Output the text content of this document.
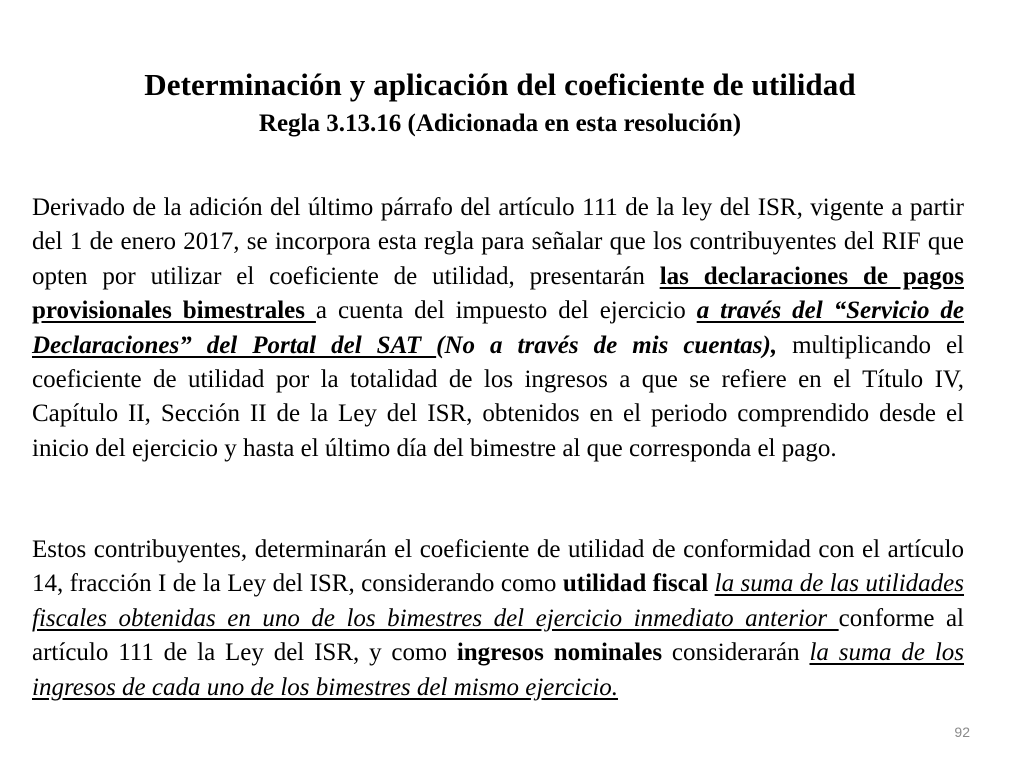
Determinación y aplicación del coeficiente de utilidad
Regla 3.13.16 (Adicionada en esta resolución)
Derivado de la adición del último párrafo del artículo 111 de la ley del ISR, vigente a partir del 1 de enero 2017, se incorpora esta regla para señalar que los contribuyentes del RIF que opten por utilizar el coeficiente de utilidad, presentarán las declaraciones de pagos provisionales bimestrales a cuenta del impuesto del ejercicio a través del “Servicio de Declaraciones” del Portal del SAT (No a través de mis cuentas), multiplicando el coeficiente de utilidad por la totalidad de los ingresos a que se refiere en el Título IV, Capítulo II, Sección II de la Ley del ISR, obtenidos en el periodo comprendido desde el inicio del ejercicio y hasta el último día del bimestre al que corresponda el pago.
Estos contribuyentes, determinarán el coeficiente de utilidad de conformidad con el artículo 14, fracción I de la Ley del ISR, considerando como utilidad fiscal la suma de las utilidades fiscales obtenidas en uno de los bimestres del ejercicio inmediato anterior conforme al artículo 111 de la Ley del ISR, y como ingresos nominales considerarán la suma de los ingresos de cada uno de los bimestres del mismo ejercicio.
92
